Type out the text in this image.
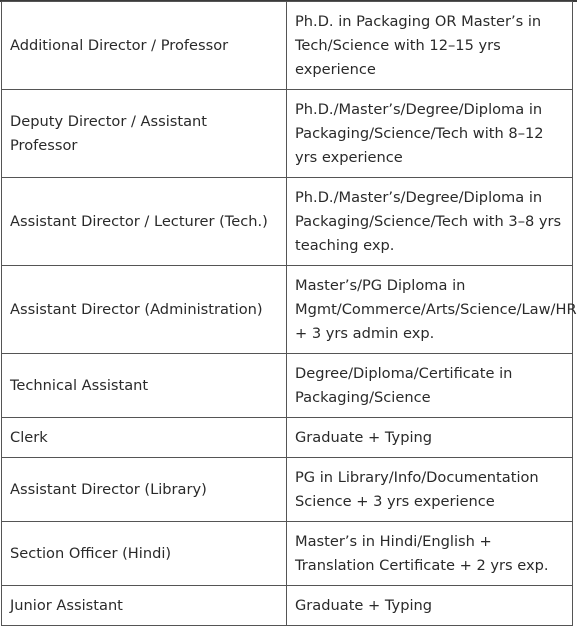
Additional Director / Professor	Ph.D. in Packaging OR Master’s in Tech/Science with 12–15 yrs experience
Deputy Director / Assistant Professor	Ph.D./Master’s/Degree/Diploma in Packaging/Science/Tech with 8–12 yrs experience
Assistant Director / Lecturer (Tech.)	Ph.D./Master’s/Degree/Diploma in Packaging/Science/Tech with 3–8 yrs teaching exp.
Assistant Director (Administration)	Master’s/PG Diploma in Mgmt/Commerce/Arts/Science/Law/HR + 3 yrs admin exp.
Technical Assistant	Degree/Diploma/Certificate in Packaging/Science
Clerk	Graduate + Typing
Assistant Director (Library)	PG in Library/Info/Documentation Science + 3 yrs experience
Section Officer (Hindi)	Master’s in Hindi/English + Translation Certificate + 2 yrs exp.
Junior Assistant	Graduate + Typing
